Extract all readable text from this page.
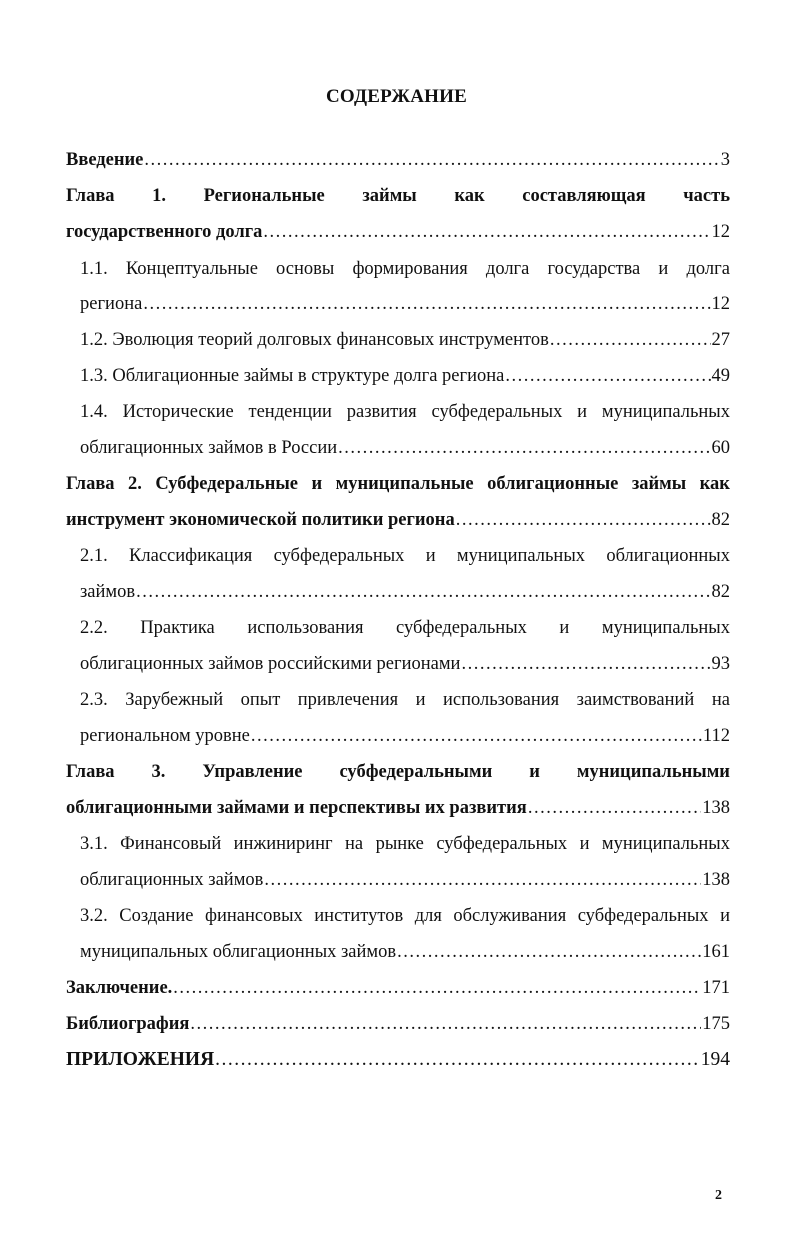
СОДЕРЖАНИЕ
Введение .....	3
Глава 1. Региональные займы как составляющая часть
государственного долга .....	12
1.1. Концептуальные основы формирования долга государства и долга
региона .....	12
1.2. Эволюция теорий долговых финансовых инструментов .....	27
1.3. Облигационные займы в структуре долга региона .....	49
1.4. Исторические тенденции развития субфедеральных и муниципальных
облигационных займов в России .....	60
Глава 2. Субфедеральные и муниципальные облигационные займы как
инструмент экономической политики региона .....	82
2.1. Классификация субфедеральных и муниципальных облигационных
займов .....	82
2.2. Практика использования субфедеральных и муниципальных
облигационных займов российскими регионами .....	93
2.3. Зарубежный опыт привлечения и использования заимствований на
региональном уровне .....	112
Глава 3. Управление субфедеральными и муниципальными
облигационными займами и перспективы их развития .....	138
3.1. Финансовый инжиниринг на рынке субфедеральных и муниципальных
облигационных займов .....	138
3.2. Создание финансовых институтов для обслуживания субфедеральных и
муниципальных облигационных займов .....	161
Заключение. .....	171
Библиография .....	175
ПРИЛОЖЕНИЯ .....	194
2
